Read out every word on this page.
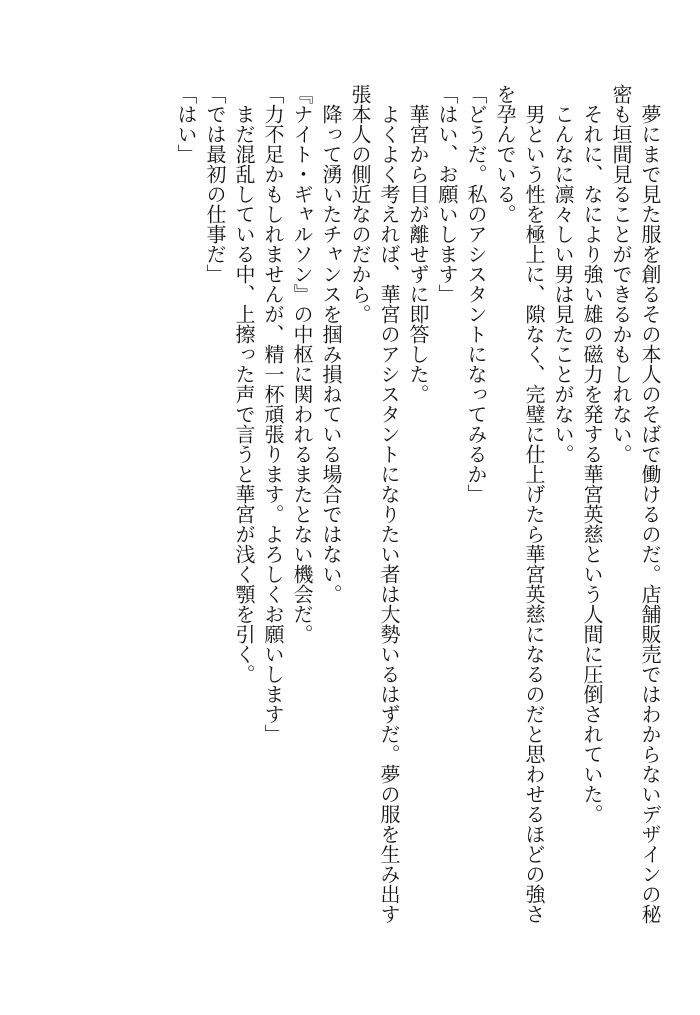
夢にまで見た服を創るその本人のそばで働けるのだ。店舗販売ではわからないデザインの秘
密も垣間見ることができるかもしれない。
それに、なにより強い雄の磁力を発する華宮英慈という人間に圧倒されていた。
こんなに凛々しい男は見たことがない。
男という性を極上に、隙なく、完璧に仕上げたら華宮英慈になるのだと思わせるほどの強さ
を孕んでいる。
「どうだ。私のアシスタントになってみるか」
「はい、お願いします」
華宮から目が離せずに即答した。
よくよく考えれば、華宮のアシスタントになりたい者は大勢いるはずだ。夢の服を生み出す
張本人の側近なのだから。
降って湧いたチャンスを掴み損ねている場合ではない。
『ナイト・ギャルソン』の中枢に関われるまたとない機会だ。
「力不足かもしれませんが、精一杯頑張ります。よろしくお願いします」
まだ混乱している中、上擦った声で言うと華宮が浅く顎を引く。
「では最初の仕事だ」
「はい」
